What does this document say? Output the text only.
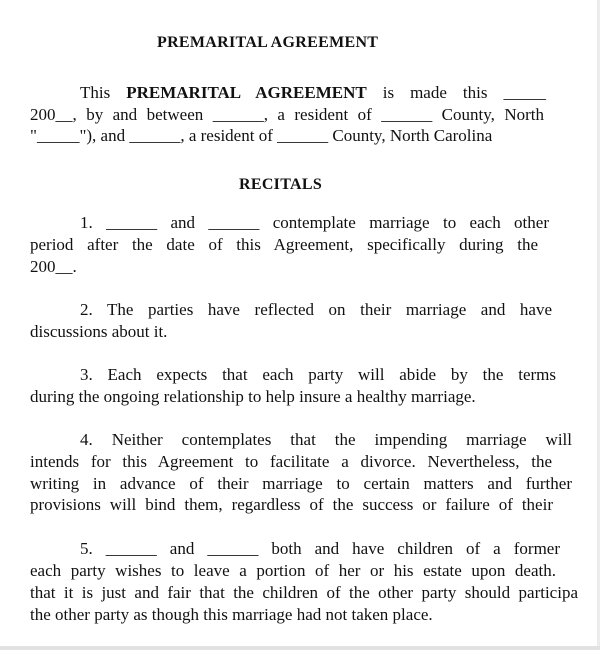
PREMARITAL AGREEMENT

This PREMARITAL AGREEMENT is made this _____

200__, by and between ______, a resident of ______ County, North

"_____"), and ______, a resident of ______ County, North Carolina

RECITALS

1. ______ and ______ contemplate marriage to each other

period after the date of this Agreement, specifically during the

200__.

2. The parties have reflected on their marriage and have

discussions about it.

3. Each expects that each party will abide by the terms

during the ongoing relationship to help insure a healthy marriage.

4. Neither contemplates that the impending marriage will

intends for this Agreement to facilitate a divorce. Nevertheless, the

writing in advance of their marriage to certain matters and further

provisions will bind them, regardless of the success or failure of their

5. ______ and ______ both and have children of a former

each party wishes to leave a portion of her or his estate upon death.

that it is just and fair that the children of the other party should participa

the other party as though this marriage had not taken place.
